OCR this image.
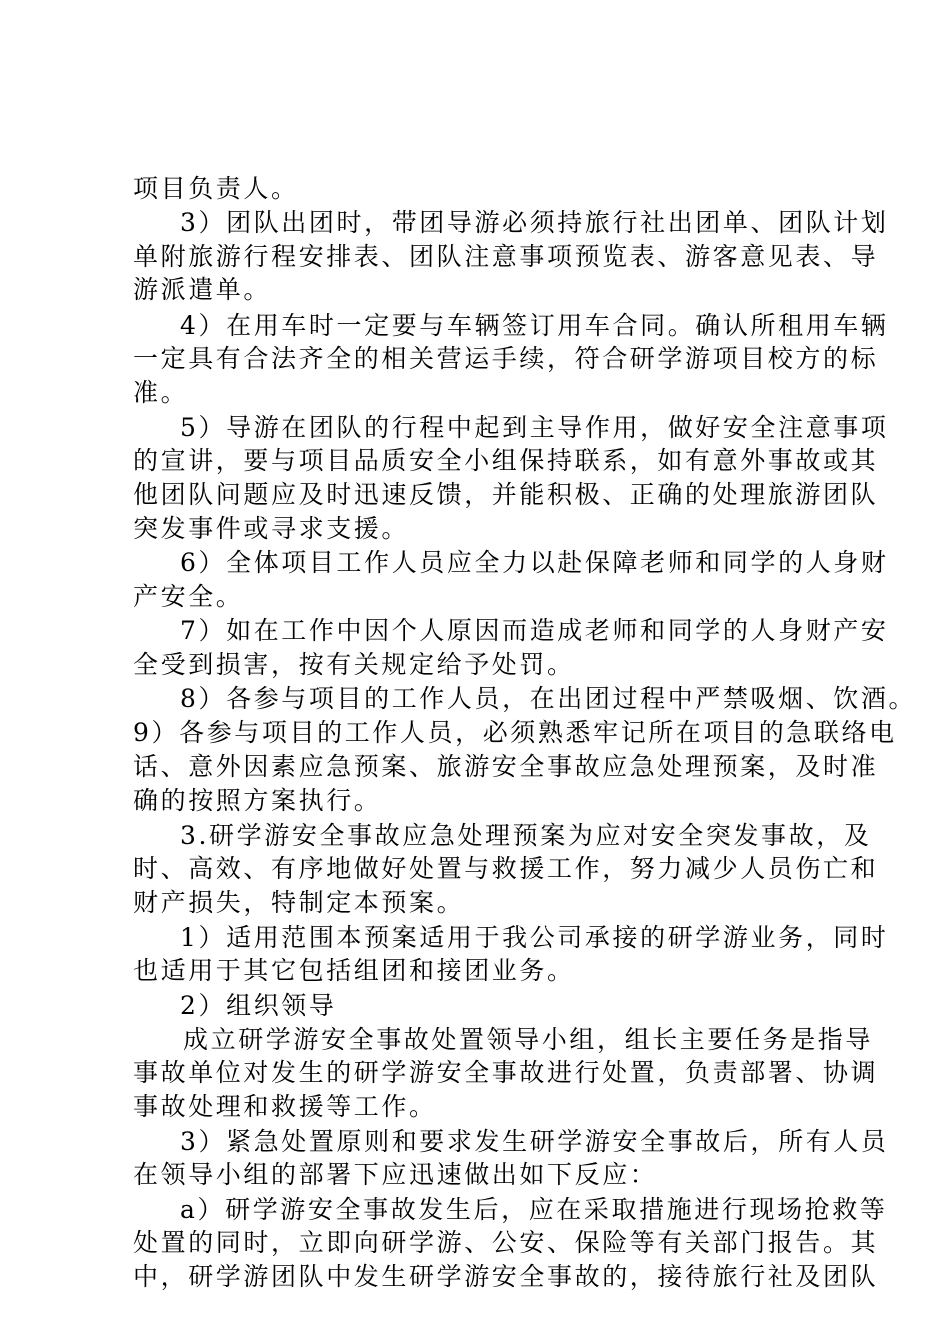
项目负责人。
3）团队出团时，带团导游必须持旅行社出团单、团队计划
单附旅游行程安排表、团队注意事项预览表、游客意见表、导
游派遣单。
4）在用车时一定要与车辆签订用车合同。确认所租用车辆
一定具有合法齐全的相关营运手续，符合研学游项目校方的标
准。
5）导游在团队的行程中起到主导作用，做好安全注意事项
的宣讲，要与项目品质安全小组保持联系，如有意外事故或其
他团队问题应及时迅速反馈，并能积极、正确的处理旅游团队
突发事件或寻求支援。
6）全体项目工作人员应全力以赴保障老师和同学的人身财
产安全。
7）如在工作中因个人原因而造成老师和同学的人身财产安
全受到损害，按有关规定给予处罚。
8）各参与项目的工作人员，在出团过程中严禁吸烟、饮酒。
9）各参与项目的工作人员，必须熟悉牢记所在项目的急联络电
话、意外因素应急预案、旅游安全事故应急处理预案，及时准
确的按照方案执行。
3.研学游安全事故应急处理预案为应对安全突发事故，及
时、高效、有序地做好处置与救援工作，努力减少人员伤亡和
财产损失，特制定本预案。
1）适用范围本预案适用于我公司承接的研学游业务，同时
也适用于其它包括组团和接团业务。
2）组织领导
成立研学游安全事故处置领导小组，组长主要任务是指导
事故单位对发生的研学游安全事故进行处置，负责部署、协调
事故处理和救援等工作。
3）紧急处置原则和要求发生研学游安全事故后，所有人员
在领导小组的部署下应迅速做出如下反应：
a）研学游安全事故发生后，应在采取措施进行现场抢救等
处置的同时，立即向研学游、公安、保险等有关部门报告。其
中，研学游团队中发生研学游安全事故的，接待旅行社及团队
